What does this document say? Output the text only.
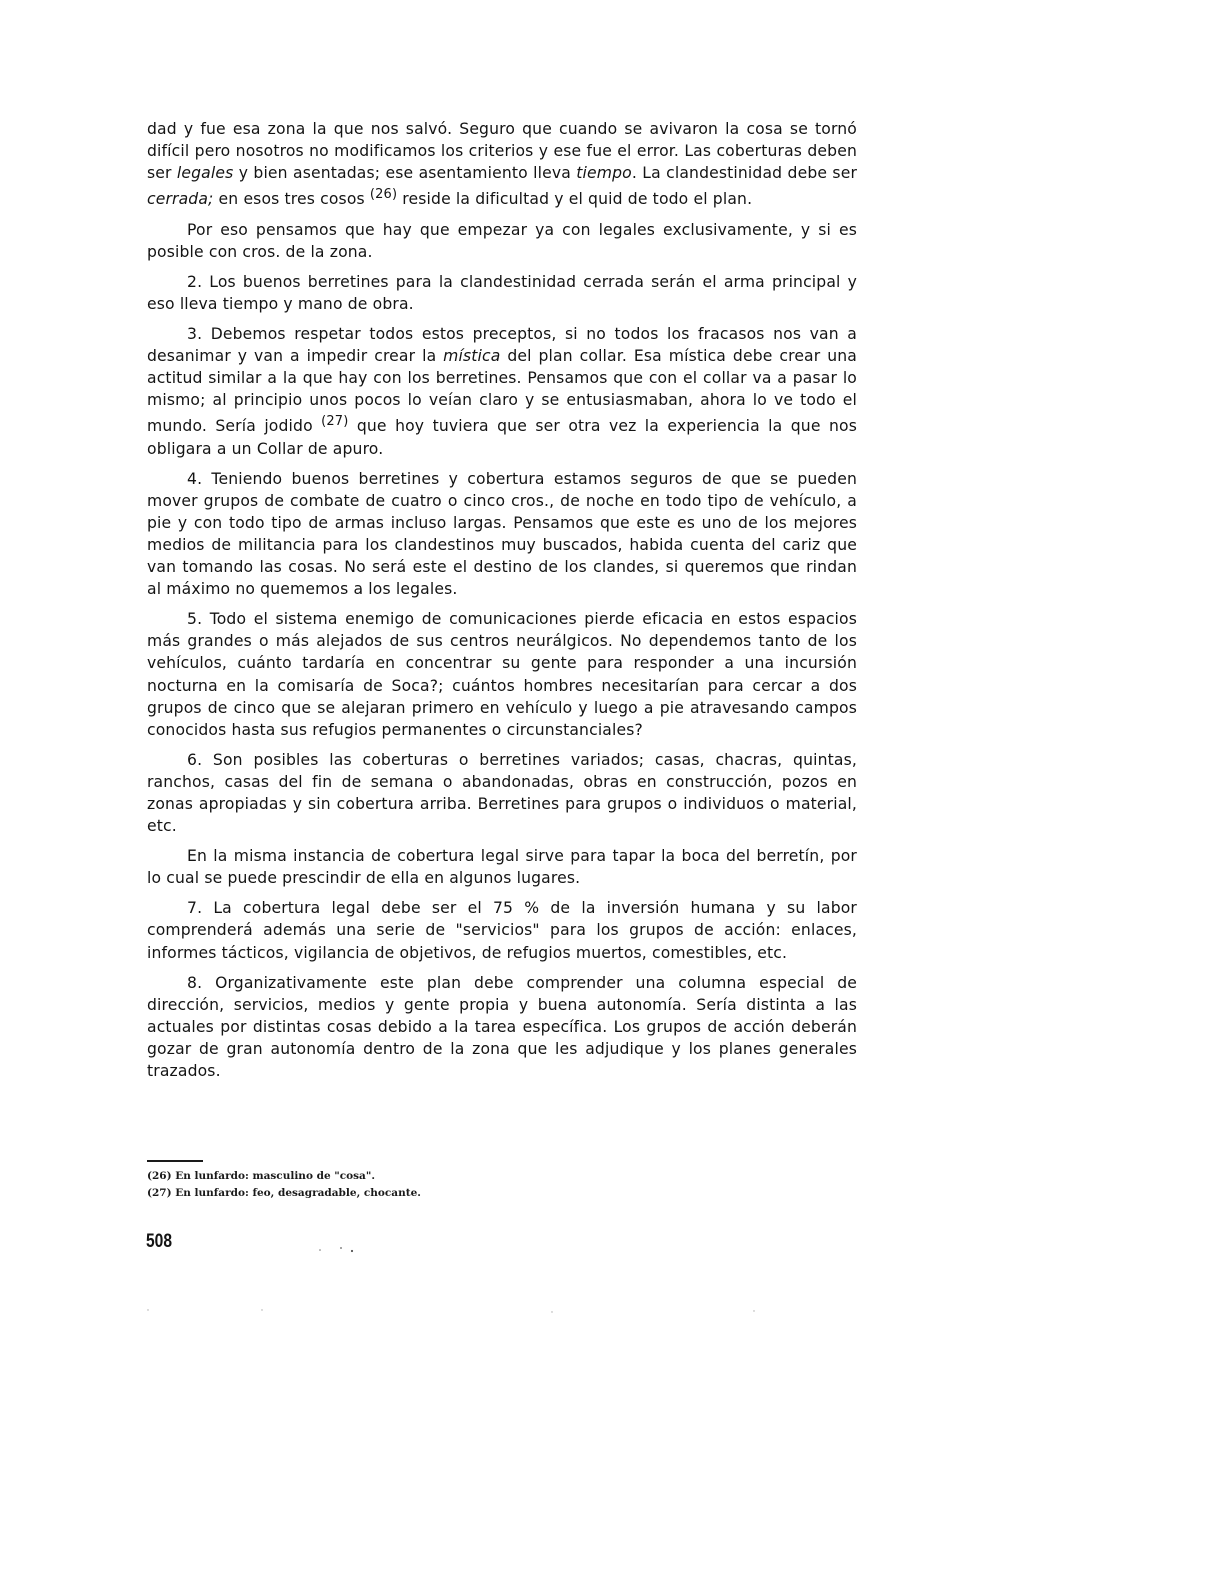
dad y fue esa zona la que nos salvó. Seguro que cuando se avivaron la cosa se tornó difícil pero nosotros no modificamos los criterios y ese fue el error. Las coberturas deben ser legales y bien asentadas; ese asentamiento lleva tiempo. La clandestinidad debe ser cerrada; en esos tres cosos $^{(26)}$ reside la dificultad y el quid de todo el plan.

Por eso pensamos que hay que empezar ya con legales exclusivamente, y si es posible con cros. de la zona.

2. Los buenos berretines para la clandestinidad cerrada serán el arma principal y eso lleva tiempo y mano de obra.

3. Debemos respetar todos estos preceptos, si no todos los fracasos nos van a desanimar y van a impedir crear la mística del plan collar. Esa mística debe crear una actitud similar a la que hay con los berretines. Pensamos que con el collar va a pasar lo mismo; al principio unos pocos lo veían claro y se entusiasmaban, ahora lo ve todo el mundo. Sería jodido $^{(27)}$ que hoy tuviera que ser otra vez la experiencia la que nos obligara a un Collar de apuro.

4. Teniendo buenos berretines y cobertura estamos seguros de que se pueden mover grupos de combate de cuatro o cinco cros., de noche en todo tipo de vehículo, a pie y con todo tipo de armas incluso largas. Pensamos que este es uno de los mejores medios de militancia para los clandestinos muy buscados, habida cuenta del cariz que van tomando las cosas. No será este el destino de los clandes, si queremos que rindan al máximo no quememos a los legales.

5. Todo el sistema enemigo de comunicaciones pierde eficacia en estos espacios más grandes o más alejados de sus centros neurálgicos. No dependemos tanto de los vehículos, cuánto tardaría en concentrar su gente para responder a una incursión nocturna en la comisaría de Soca?; cuántos hombres necesitarían para cercar a dos grupos de cinco que se alejaran primero en vehículo y luego a pie atravesando campos conocidos hasta sus refugios permanentes o circunstanciales?

6. Son posibles las coberturas o berretines variados; casas, chacras, quintas, ranchos, casas del fin de semana o abandonadas, obras en construcción, pozos en zonas apropiadas y sin cobertura arriba. Berretines para grupos o individuos o material, etc.

En la misma instancia de cobertura legal sirve para tapar la boca del berretín, por lo cual se puede prescindir de ella en algunos lugares.

7. La cobertura legal debe ser el 75 % de la inversión humana y su labor comprenderá además una serie de "servicios" para los grupos de acción: enlaces, informes tácticos, vigilancia de objetivos, de refugios muertos, comestibles, etc.

8. Organizativamente este plan debe comprender una columna especial de dirección, servicios, medios y gente propia y buena autonomía. Sería distinta a las actuales por distintas cosas debido a la tarea específica. Los grupos de acción deberán gozar de gran autonomía dentro de la zona que les adjudique y los planes generales trazados.

(26) En lunfardo: masculino de "cosa".
(27) En lunfardo: feo, desagradable, chocante.
508
